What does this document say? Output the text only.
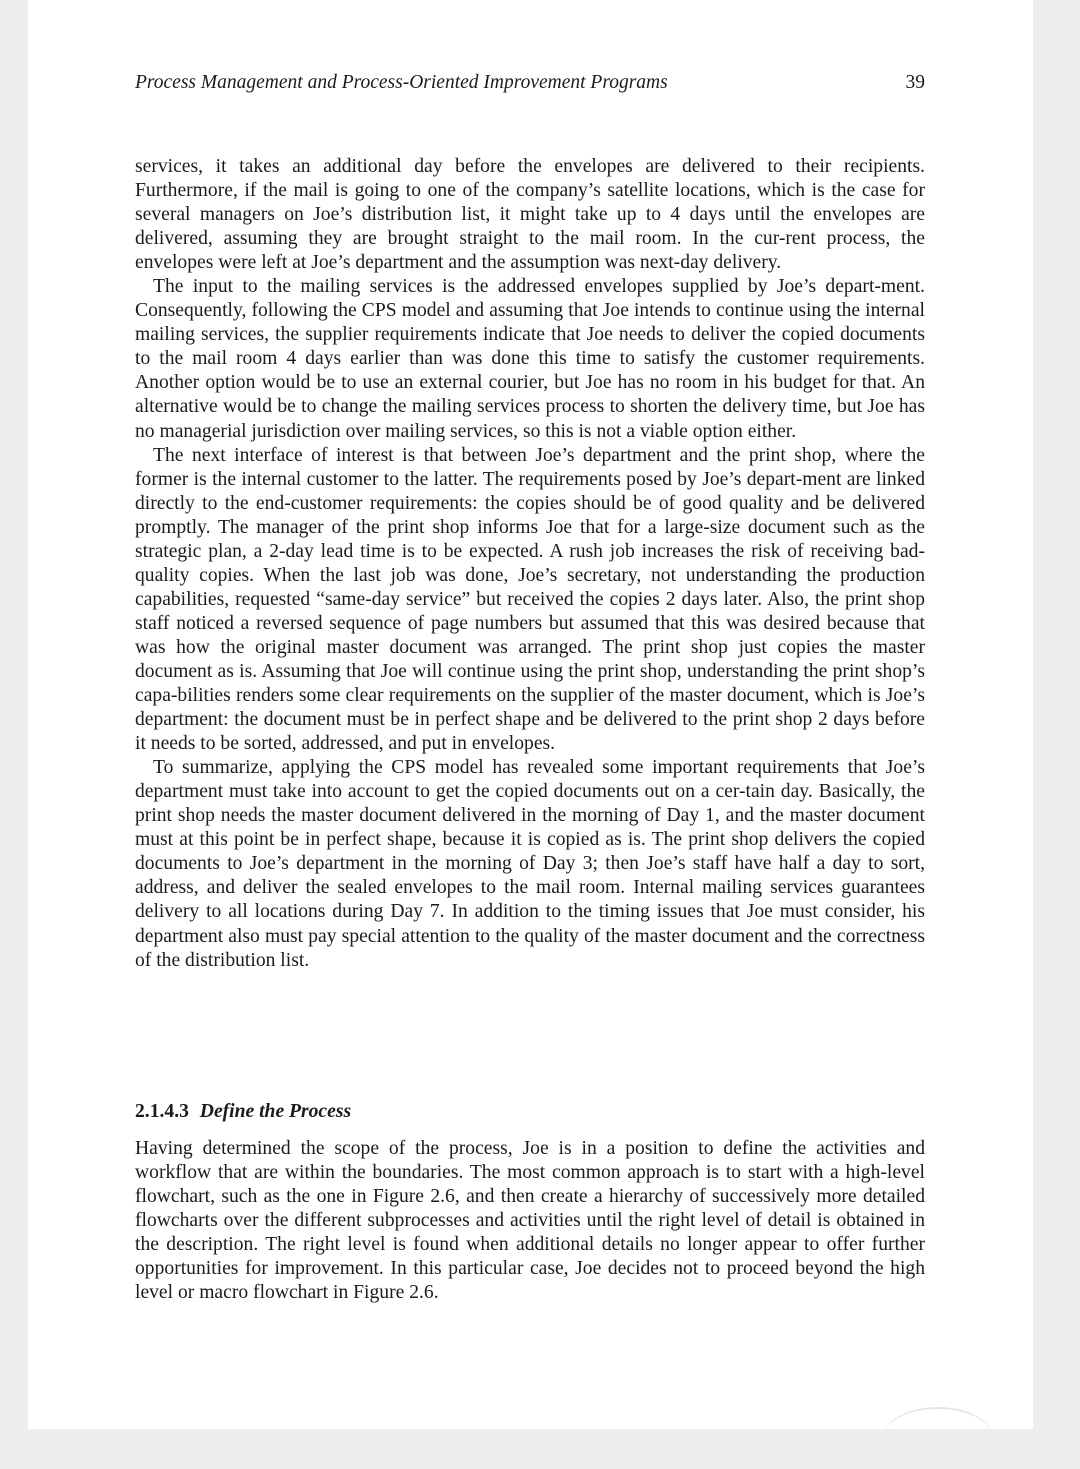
Process Management and Process-Oriented Improvement Programs	39

services, it takes an additional day before the envelopes are delivered to their recipients. Furthermore, if the mail is going to one of the company’s satellite locations, which is the case for several managers on Joe’s distribution list, it might take up to 4 days until the envelopes are delivered, assuming they are brought straight to the mail room. In the cur-rent process, the envelopes were left at Joe’s department and the assumption was next-day delivery.

The input to the mailing services is the addressed envelopes supplied by Joe’s depart-ment. Consequently, following the CPS model and assuming that Joe intends to continue using the internal mailing services, the supplier requirements indicate that Joe needs to deliver the copied documents to the mail room 4 days earlier than was done this time to satisfy the customer requirements. Another option would be to use an external courier, but Joe has no room in his budget for that. An alternative would be to change the mailing services process to shorten the delivery time, but Joe has no managerial jurisdiction over mailing services, so this is not a viable option either.

The next interface of interest is that between Joe’s department and the print shop, where the former is the internal customer to the latter. The requirements posed by Joe’s depart-ment are linked directly to the end-customer requirements: the copies should be of good quality and be delivered promptly. The manager of the print shop informs Joe that for a large-size document such as the strategic plan, a 2-day lead time is to be expected. A rush job increases the risk of receiving bad-quality copies. When the last job was done, Joe’s secretary, not understanding the production capabilities, requested “same-day service” but received the copies 2 days later. Also, the print shop staff noticed a reversed sequence of page numbers but assumed that this was desired because that was how the original master document was arranged. The print shop just copies the master document as is. Assuming that Joe will continue using the print shop, understanding the print shop’s capa-bilities renders some clear requirements on the supplier of the master document, which is Joe’s department: the document must be in perfect shape and be delivered to the print shop 2 days before it needs to be sorted, addressed, and put in envelopes.

To summarize, applying the CPS model has revealed some important requirements that Joe’s department must take into account to get the copied documents out on a cer-tain day. Basically, the print shop needs the master document delivered in the morning of Day 1, and the master document must at this point be in perfect shape, because it is copied as is. The print shop delivers the copied documents to Joe’s department in the morning of Day 3; then Joe’s staff have half a day to sort, address, and deliver the sealed envelopes to the mail room. Internal mailing services guarantees delivery to all locations during Day 7. In addition to the timing issues that Joe must consider, his department also must pay special attention to the quality of the master document and the correctness of the distribution list.

2.1.4.3 Define the Process

Having determined the scope of the process, Joe is in a position to define the activities and workflow that are within the boundaries. The most common approach is to start with a high-level flowchart, such as the one in Figure 2.6, and then create a hierarchy of successively more detailed flowcharts over the different subprocesses and activities until the right level of detail is obtained in the description. The right level is found when additional details no longer appear to offer further opportunities for improvement. In this particular case, Joe decides not to proceed beyond the high level or macro flowchart in Figure 2.6.
